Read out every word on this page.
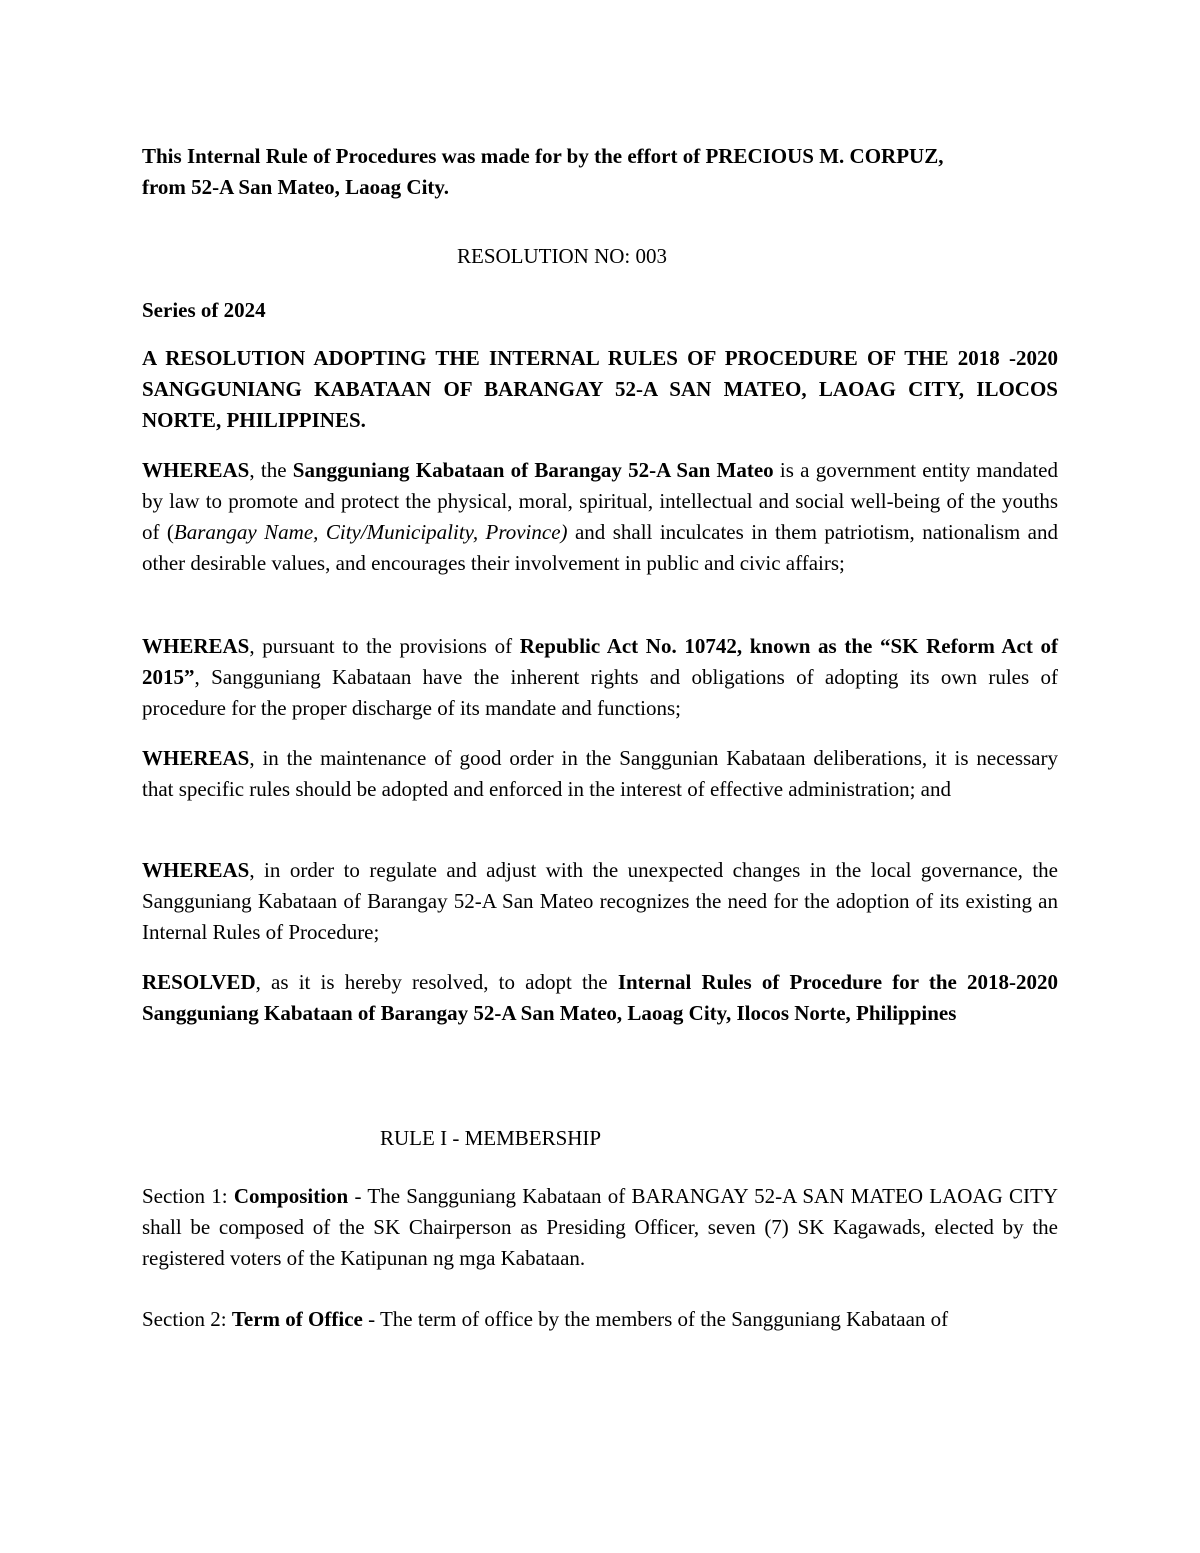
This Internal Rule of Procedures was made for by the effort of PRECIOUS M. CORPUZ,

from 52-A San Mateo, Laoag City.

RESOLUTION NO: 003

Series of 2024

A RESOLUTION ADOPTING THE INTERNAL RULES OF PROCEDURE OF THE 2018 -2020 SANGGUNIANG KABATAAN OF BARANGAY 52-A SAN MATEO, LAOAG CITY, ILOCOS NORTE, PHILIPPINES.

WHEREAS, the Sangguniang Kabataan of Barangay 52-A San Mateo is a government entity mandated by law to promote and protect the physical, moral, spiritual, intellectual and social well-being of the youths of (Barangay Name, City/Municipality, Province) and shall inculcates in them patriotism, nationalism and other desirable values, and encourages their involvement in public and civic affairs;

WHEREAS, pursuant to the provisions of Republic Act No. 10742, known as the “SK Reform Act of 2015”, Sangguniang Kabataan have the inherent rights and obligations of adopting its own rules of procedure for the proper discharge of its mandate and functions;

WHEREAS, in the maintenance of good order in the Sanggunian Kabataan deliberations, it is necessary that specific rules should be adopted and enforced in the interest of effective administration; and

WHEREAS, in order to regulate and adjust with the unexpected changes in the local governance, the Sangguniang Kabataan of Barangay 52-A San Mateo recognizes the need for the adoption of its existing an Internal Rules of Procedure;

RESOLVED, as it is hereby resolved, to adopt the Internal Rules of Procedure for the 2018-2020 Sangguniang Kabataan of Barangay 52-A San Mateo, Laoag City, Ilocos Norte, Philippines

RULE I - MEMBERSHIP

Section 1: Composition - The Sangguniang Kabataan of BARANGAY 52-A SAN MATEO LAOAG CITY shall be composed of the SK Chairperson as Presiding Officer, seven (7) SK Kagawads, elected by the registered voters of the Katipunan ng mga Kabataan.

Section 2: Term of Office - The term of office by the members of the Sangguniang Kabataan of
